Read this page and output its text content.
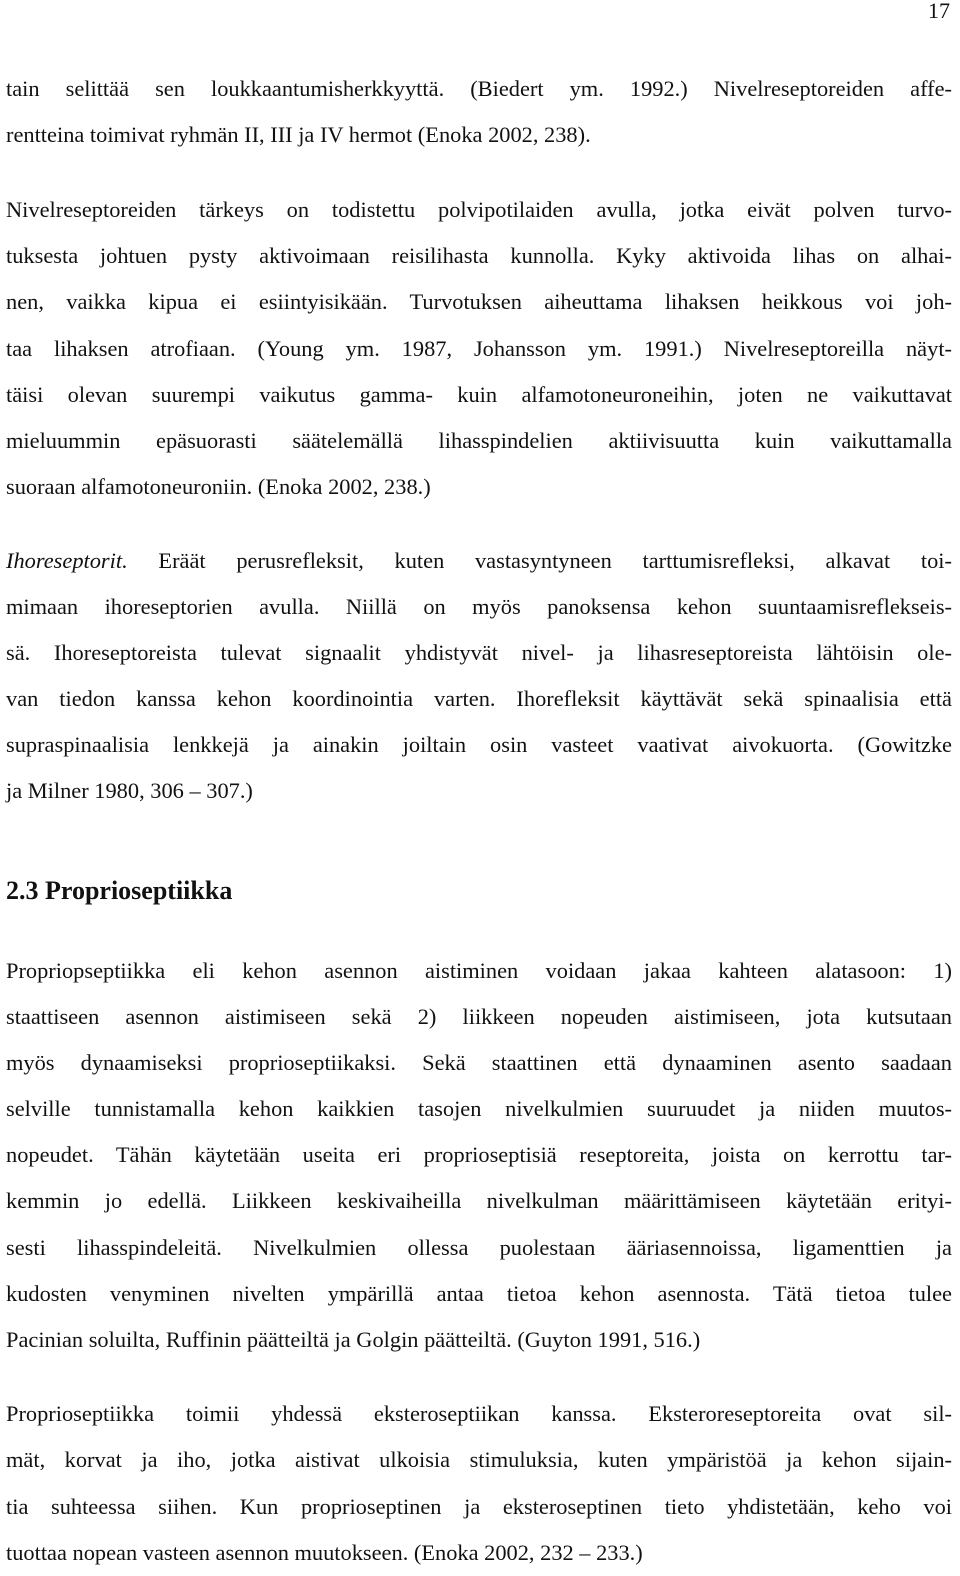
17
tain selittää sen loukkaantumisherkkyyttä. (Biedert ym. 1992.) Nivelreseptoreiden affe-
rentteina toimivat ryhmän II, III ja IV hermot (Enoka 2002, 238).
Nivelreseptoreiden tärkeys on todistettu polvipotilaiden avulla, jotka eivät polven turvo-
tuksesta johtuen pysty aktivoimaan reisilihasta kunnolla. Kyky aktivoida lihas on alhai-
nen, vaikka kipua ei esiintyisikään. Turvotuksen aiheuttama lihaksen heikkous voi joh-
taa lihaksen atrofiaan. (Young ym. 1987, Johansson ym. 1991.) Nivelreseptoreilla näyt-
täisi olevan suurempi vaikutus gamma- kuin alfamotoneuroneihin, joten ne vaikuttavat
mieluummin epäsuorasti säätelemällä lihasspindelien aktiivisuutta kuin vaikuttamalla
suoraan alfamotoneuroniin. (Enoka 2002, 238.)
Ihoreseptorit. Eräät perusrefleksit, kuten vastasyntyneen tarttumisrefleksi, alkavat toi-
mimaan ihoreseptorien avulla. Niillä on myös panoksensa kehon suuntaamisrefleksеis-
sä. Ihoreseptoreista tulevat signaalit yhdistyvät nivel- ja lihasreseptoreista lähtöisin ole-
van tiedon kanssa kehon koordinointia varten. Ihorefleksit käyttävät sekä spinaalisia että
supraspinaalisia lenkkejä ja ainakin joiltain osin vasteet vaativat aivokuorta. (Gowitzke
ja Milner 1980, 306 – 307.)
2.3 Proprioseptiikka
Propriopseptiikka eli kehon asennon aistiminen voidaan jakaa kahteen alatasoon: 1)
staattiseen asennon aistimiseen sekä 2) liikkeen nopeuden aistimiseen, jota kutsutaan
myös dynaamiseksi proprioseptiikaksi. Sekä staattinen että dynaaminen asento saadaan
selville tunnistamalla kehon kaikkien tasojen nivelkulmien suuruudet ja niiden muutos-
nopeudet. Tähän käytetään useita eri proprioseptisiä reseptoreita, joista on kerrottu tar-
kemmin jo edellä. Liikkeen keskivaiheilla nivelkulman määrittämiseen käytetään erityi-
sesti lihasspindeleitä. Nivelkulmien ollessa puolestaan ääriasennoissa, ligamenttien ja
kudosten venyminen nivelten ympärillä antaa tietoa kehon asennosta. Tätä tietoa tulee
Pacinian soluilta, Ruffinin päätteiltä ja Golgin päätteiltä. (Guyton 1991, 516.)
Proprioseptiikka toimii yhdessä eksteroseptiikan kanssa. Eksteroreseptoreita ovat sil-
mät, korvat ja iho, jotka aistivat ulkoisia stimuluksia, kuten ympäristöä ja kehon sijain-
tia suhteessa siihen. Kun proprioseptinen ja eksteroseptinen tieto yhdistetään, keho voi
tuottaa nopean vasteen asennon muutokseen. (Enoka 2002, 232 – 233.)
